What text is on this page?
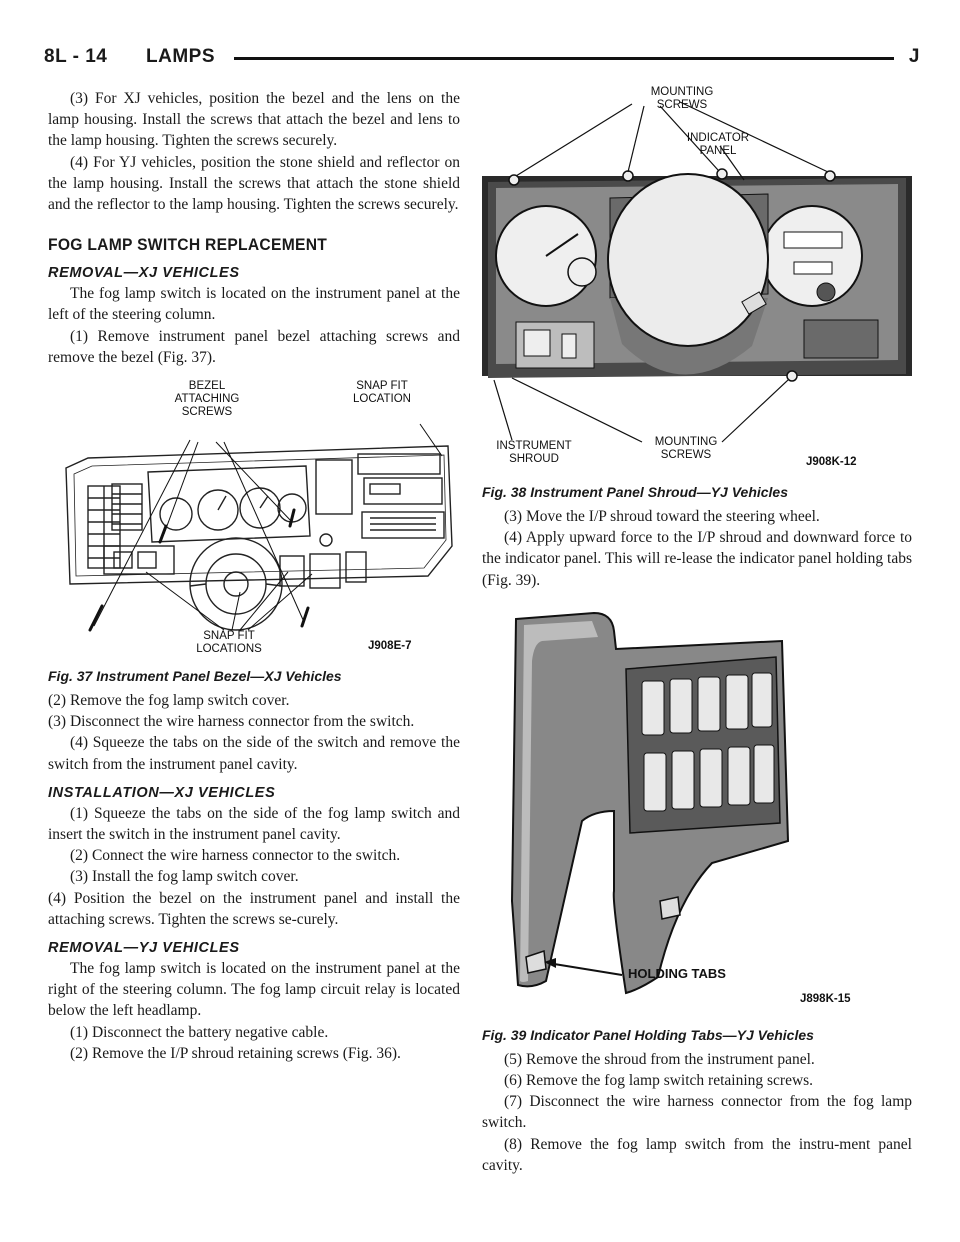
8L - 14 LAMPS	J

(3) For XJ vehicles, position the bezel and the lens on the lamp housing. Install the screws that attach the bezel and lens to the lamp housing. Tighten the screws securely.

(4) For YJ vehicles, position the stone shield and reflector on the lamp housing. Install the screws that attach the stone shield and the reflector to the lamp housing. Tighten the screws securely.

FOG LAMP SWITCH REPLACEMENT
REMOVAL—XJ VEHICLES

The fog lamp switch is located on the instrument panel at the left of the steering column.

(1) Remove instrument panel bezel attaching screws and remove the bezel (Fig. 37).

BEZEL ATTACHING SCREWS
SNAP FIT LOCATION
SNAP FIT LOCATIONS	J908E-7
Fig. 37 Instrument Panel Bezel—XJ Vehicles

(2) Remove the fog lamp switch cover.

(3) Disconnect the wire harness connector from the switch.

(4) Squeeze the tabs on the side of the switch and remove the switch from the instrument panel cavity.

INSTALLATION—XJ VEHICLES

(1) Squeeze the tabs on the side of the fog lamp switch and insert the switch in the instrument panel cavity.

(2) Connect the wire harness connector to the switch.

(3) Install the fog lamp switch cover.

(4) Position the bezel on the instrument panel and install the attaching screws. Tighten the screws se-curely.

REMOVAL—YJ VEHICLES

The fog lamp switch is located on the instrument panel at the right of the steering column. The fog lamp circuit relay is located below the left headlamp.

(1) Disconnect the battery negative cable.

(2) Remove the I/P shroud retaining screws (Fig. 36).

MOUNTING SCREWS
INDICATOR PANEL
INSTRUMENT SHROUD
MOUNTING SCREWS
J908K-12
Fig. 38 Instrument Panel Shroud—YJ Vehicles

(3) Move the I/P shroud toward the steering wheel.

(4) Apply upward force to the I/P shroud and downward force to the indicator panel. This will re-lease the indicator panel holding tabs (Fig. 39).

HOLDING TABS
J898K-15
Fig. 39 Indicator Panel Holding Tabs—YJ Vehicles

(5) Remove the shroud from the instrument panel.

(6) Remove the fog lamp switch retaining screws.

(7) Disconnect the wire harness connector from the fog lamp switch.

(8) Remove the fog lamp switch from the instru-ment panel cavity.
